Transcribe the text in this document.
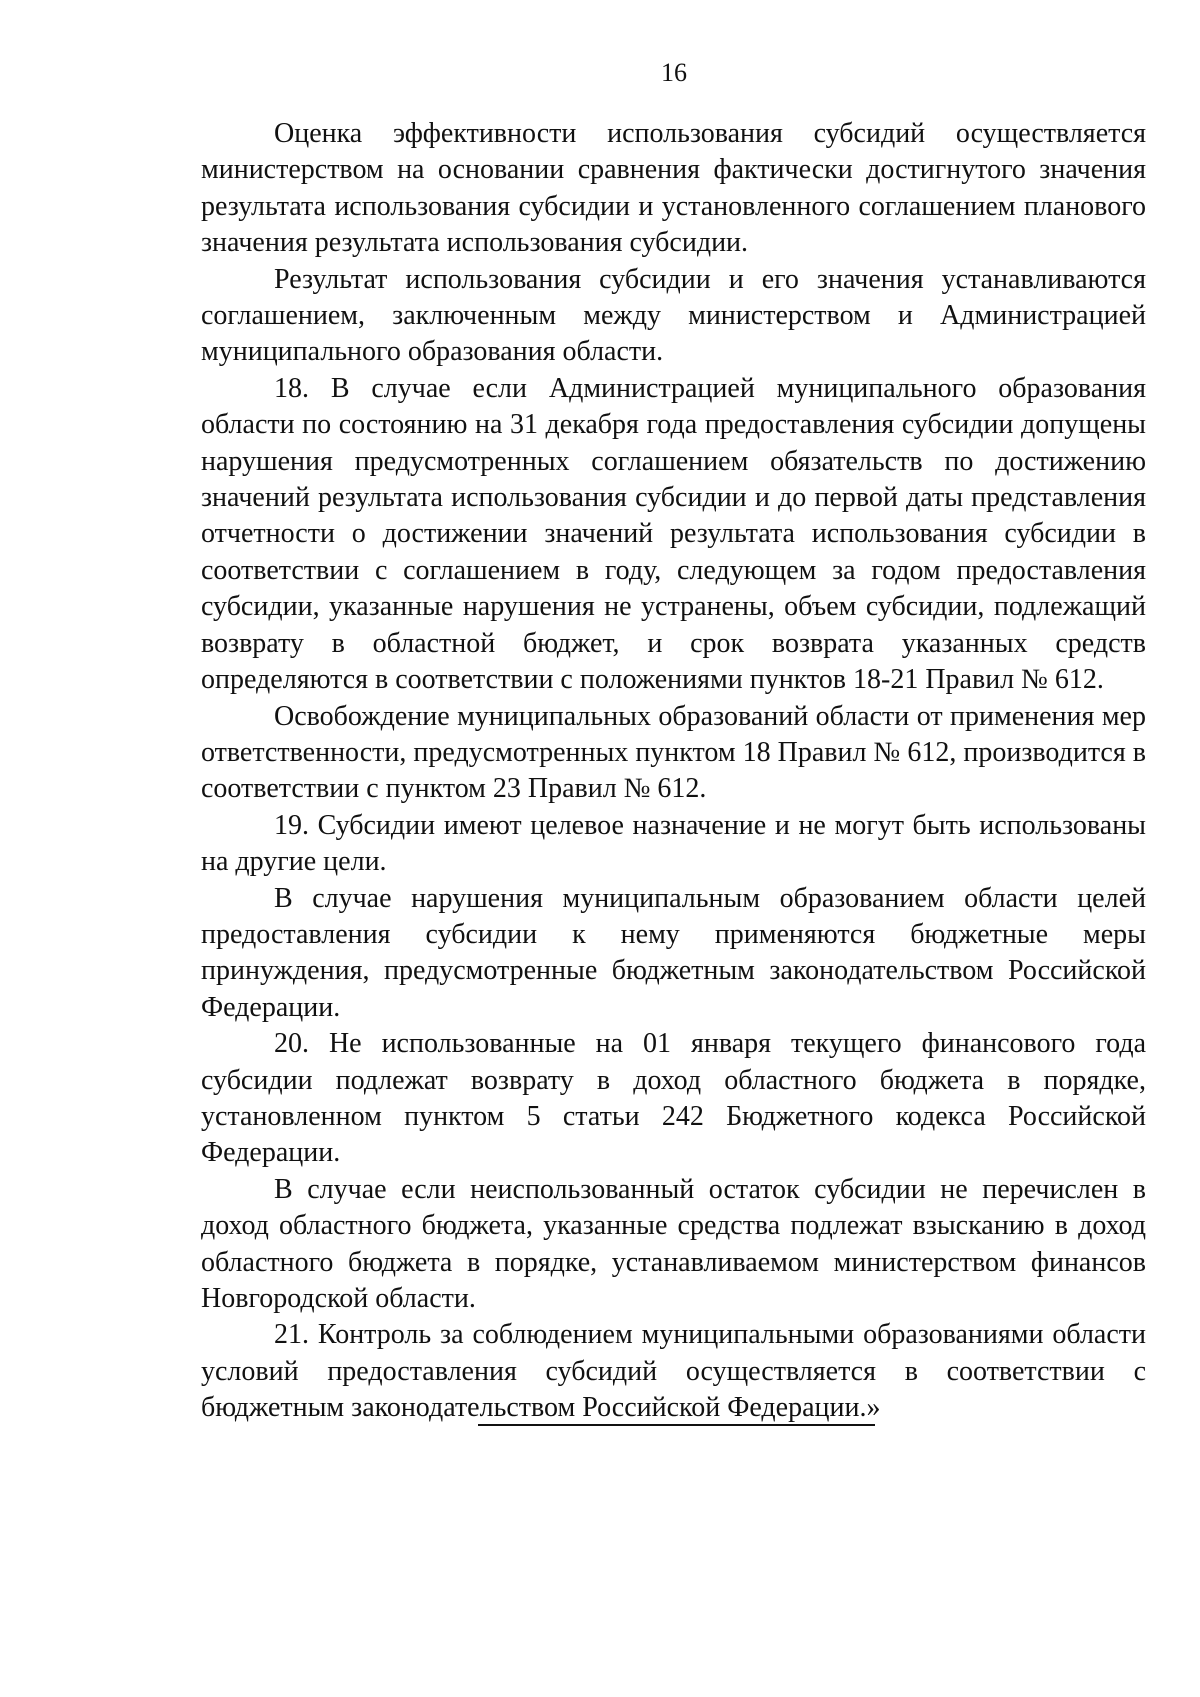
16

Оценка эффективности использования субсидий осуществляется министерством на основании сравнения фактически достигнутого значения результата использования субсидии и установленного соглашением планового значения результата использования субсидии.

Результат использования субсидии и его значения устанавливаются соглашением, заключенным между министерством и Администрацией муниципального образования области.

18. В случае если Администрацией муниципального образования области по состоянию на 31 декабря года предоставления субсидии допущены нарушения предусмотренных соглашением обязательств по достижению значений результата использования субсидии и до первой даты представления отчетности о достижении значений результата использования субсидии в соответствии с соглашением в году, следующем за годом предоставления субсидии, указанные нарушения не устранены, объем субсидии, подлежащий возврату в областной бюджет, и срок возврата указанных средств определяются в соответствии с положениями пунктов 18-21 Правил № 612.

Освобождение муниципальных образований области от применения мер ответственности, предусмотренных пунктом 18 Правил № 612, производится в соответствии с пунктом 23 Правил № 612.

19. Субсидии имеют целевое назначение и не могут быть использованы на другие цели.

В случае нарушения муниципальным образованием области целей предоставления субсидии к нему применяются бюджетные меры принуждения, предусмотренные бюджетным законодательством Российской Федерации.

20. Не использованные на 01 января текущего финансового года субсидии подлежат возврату в доход областного бюджета в порядке, установленном пунктом 5 статьи 242 Бюджетного кодекса Российской Федерации.

В случае если неиспользованный остаток субсидии не перечислен в доход областного бюджета, указанные средства подлежат взысканию в доход областного бюджета в порядке, устанавливаемом министерством финансов Новгородской области.

21. Контроль за соблюдением муниципальными образованиями области условий предоставления субсидий осуществляется в соответствии с бюджетным законодательством Российской Федерации.»
